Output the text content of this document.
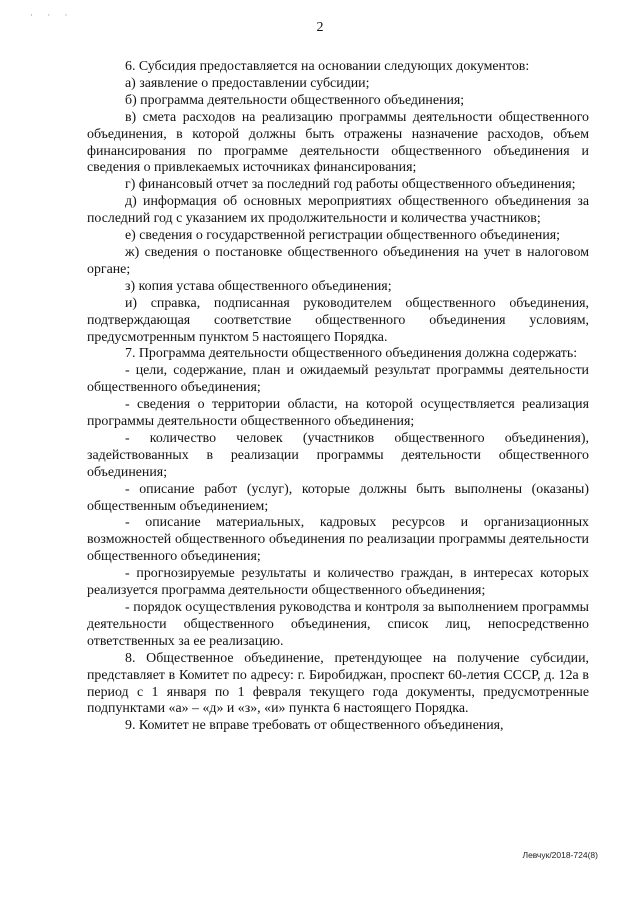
· · ·
2

6. Субсидия предоставляется на основании следующих документов:

а) заявление о предоставлении субсидии;

б) программа деятельности общественного объединения;

в) смета расходов на реализацию программы деятельности общественного объединения, в которой должны быть отражены назначение расходов, объем финансирования по программе деятельности общественного объединения и сведения о привлекаемых источниках финансирования;

г) финансовый отчет за последний год работы общественного объединения;

д) информация об основных мероприятиях общественного объединения за последний год с указанием их продолжительности и количества участников;

е) сведения о государственной регистрации общественного объединения;

ж) сведения о постановке общественного объединения на учет в налоговом органе;

з) копия устава общественного объединения;

и) справка, подписанная руководителем общественного объединения, подтверждающая соответствие общественного объединения условиям, предусмотренным пунктом 5 настоящего Порядка.

7. Программа деятельности общественного объединения должна содержать:

- цели, содержание, план и ожидаемый результат программы деятельности общественного объединения;

- сведения о территории области, на которой осуществляется реализация программы деятельности общественного объединения;

- количество человек (участников общественного объединения), задействованных в реализации программы деятельности общественного объединения;

- описание работ (услуг), которые должны быть выполнены (оказаны) общественным объединением;

- описание материальных, кадровых ресурсов и организационных возможностей общественного объединения по реализации программы деятельности общественного объединения;

- прогнозируемые результаты и количество граждан, в интересах которых реализуется программа деятельности общественного объединения;

- порядок осуществления руководства и контроля за выполнением программы деятельности общественного объединения, список лиц, непосредственно ответственных за ее реализацию.

8. Общественное объединение, претендующее на получение субсидии, представляет в Комитет по адресу: г. Биробиджан, проспект 60-летия СССР, д. 12а в период с 1 января по 1 февраля текущего года документы, предусмотренные подпунктами «а» – «д» и «з», «и» пункта 6 настоящего Порядка.

9. Комитет не вправе требовать от общественного объединения,

Левчук/2018-724(8)
